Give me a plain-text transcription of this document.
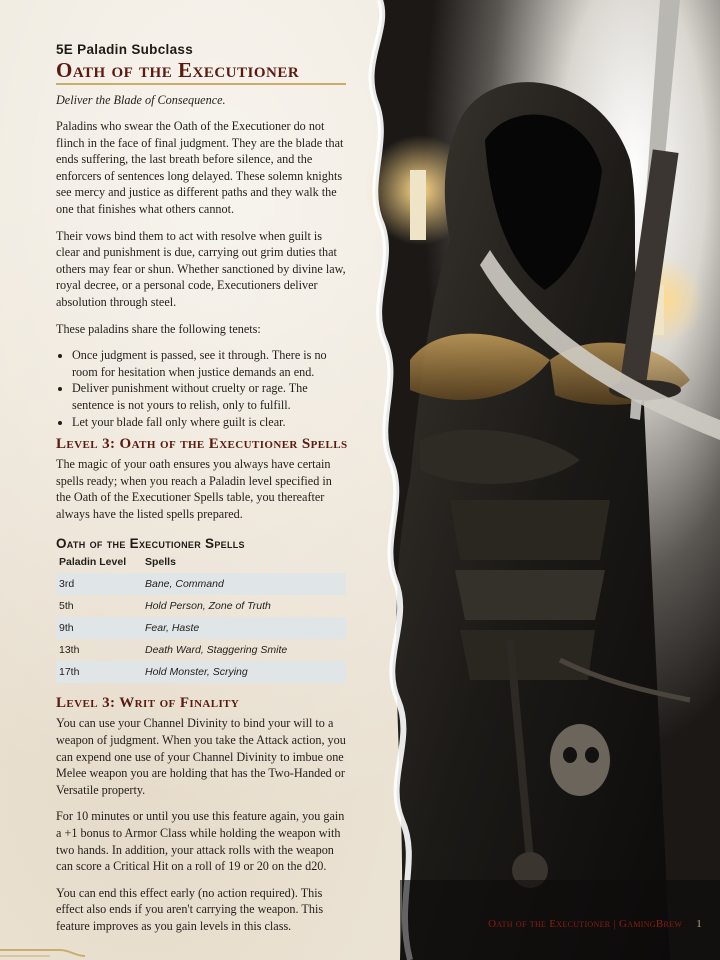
5E Paladin Subclass

Oath of the Executioner

Deliver the Blade of Consequence.

Paladins who swear the Oath of the Executioner do not flinch in the face of final judgment. They are the blade that ends suffering, the last breath before silence, and the enforcers of sentences long delayed. These solemn knights see mercy and justice as different paths and they walk the one that finishes what others cannot.

Their vows bind them to act with resolve when guilt is clear and punishment is due, carrying out grim duties that others may fear or shun. Whether sanctioned by divine law, royal decree, or a personal code, Executioners deliver absolution through steel.

These paladins share the following tenets:

• Once judgment is passed, see it through. There is no room for hesitation when justice demands an end.
• Deliver punishment without cruelty or rage. The sentence is not yours to relish, only to fulfill.
• Let your blade fall only where guilt is clear.
Level 3: Oath of the Executioner Spells

The magic of your oath ensures you always have certain spells ready; when you reach a Paladin level specified in the Oath of the Executioner Spells table, you thereafter always have the listed spells prepared.

Oath of the Executioner Spells
Paladin Level	Spells
3rd	Bane, Command
5th	Hold Person, Zone of Truth
9th	Fear, Haste
13th	Death Ward, Staggering Smite
17th	Hold Monster, Scrying
Level 3: Writ of Finality

You can use your Channel Divinity to bind your will to a weapon of judgment. When you take the Attack action, you can expend one use of your Channel Divinity to imbue one Melee weapon you are holding that has the Two-Handed or Versatile property.

For 10 minutes or until you use this feature again, you gain a +1 bonus to Armor Class while holding the weapon with two hands. In addition, your attack rolls with the weapon can score a Critical Hit on a roll of 19 or 20 on the d20.

You can end this effect early (no action required). This effect also ends if you aren't carrying the weapon. This feature improves as you gain levels in this class.	Oath of the Executioner | GamingBrew 1
